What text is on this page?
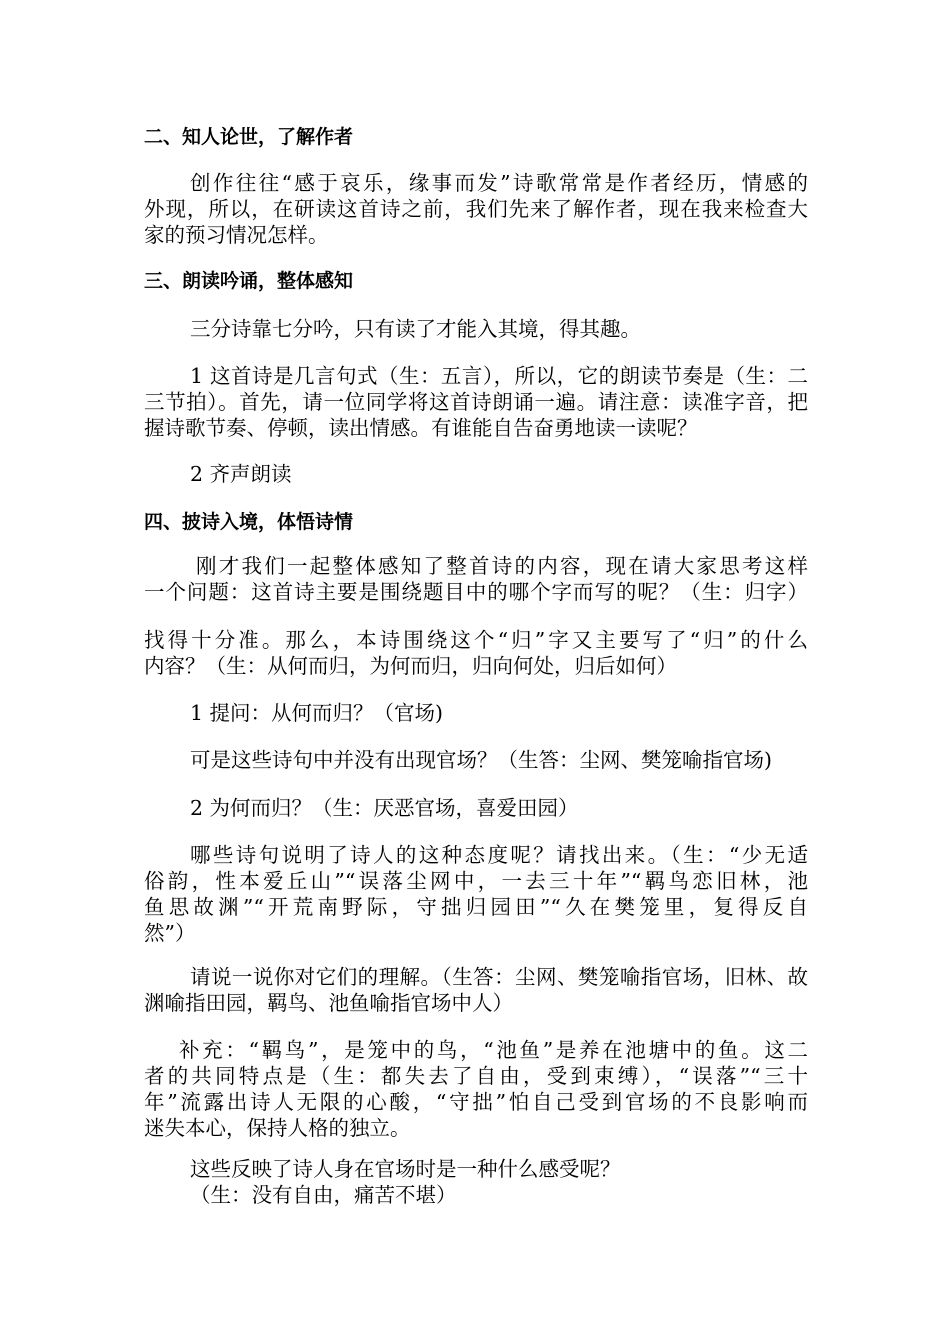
二、知人论世，了解作者
创作往往“感于哀乐，缘事而发”诗歌常常是作者经历，情感的
外现，所以，在研读这首诗之前，我们先来了解作者，现在我来检查大
家的预习情况怎样。
三、朗读吟诵，整体感知
三分诗靠七分吟，只有读了才能入其境，得其趣。
1 这首诗是几言句式（生：五言），所以，它的朗读节奏是（生：二
三节拍）。首先，请一位同学将这首诗朗诵一遍。请注意：读准字音，把
握诗歌节奏、停顿，读出情感。有谁能自告奋勇地读一读呢？
2 齐声朗读
四、披诗入境，体悟诗情
刚才我们一起整体感知了整首诗的内容，现在请大家思考这样
一个问题：这首诗主要是围绕题目中的哪个字而写的呢？（生：归字）
找得十分准。那么，本诗围绕这个“归”字又主要写了“归”的什么
内容？（生：从何而归，为何而归，归向何处，归后如何）
1 提问：从何而归？（官场)
可是这些诗句中并没有出现官场？（生答：尘网、樊笼喻指官场)
2 为何而归？（生：厌恶官场，喜爱田园）
哪些诗句说明了诗人的这种态度呢？请找出来。（生：“少无适
俗韵，性本爱丘山”“误落尘网中，一去三十年”“羁鸟恋旧林，池
鱼思故渊”“开荒南野际，守拙归园田”“久在樊笼里，复得反自
然”）
请说一说你对它们的理解。（生答：尘网、樊笼喻指官场，旧林、故
渊喻指田园，羁鸟、池鱼喻指官场中人）
补充：“羁鸟”，是笼中的鸟，“池鱼”是养在池塘中的鱼。这二
者的共同特点是（生：都失去了自由，受到束缚），“误落”“三十
年”流露出诗人无限的心酸，“守拙”怕自己受到官场的不良影响而
迷失本心，保持人格的独立。
这些反映了诗人身在官场时是一种什么感受呢？
（生：没有自由，痛苦不堪）
